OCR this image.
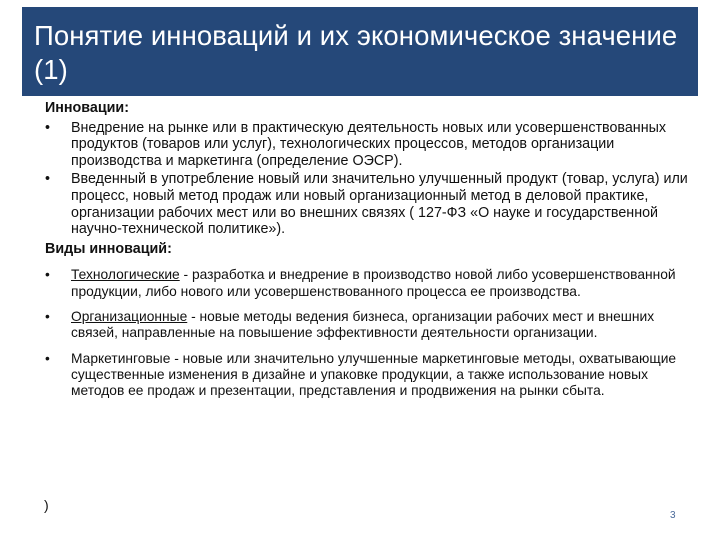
Понятие инноваций и их экономическое значение (1)
Инновации:
• Внедрение на рынке или в практическую деятельность новых или усовершенствованных продуктов (товаров или услуг), технологических процессов, методов организации производства и маркетинга (определение ОЭСР).
• Введенный в употребление новый или значительно улучшенный продукт (товар, услуга) или процесс, новый метод продаж или новый организационный метод в деловой практике, организации рабочих мест или во внешних связях ( 127-ФЗ «О науке и государственной научно-технической политике»).
Виды инноваций:
• Технологические - разработка и внедрение в производство новой либо усовершенствованной продукции, либо нового или усовершенствованного процесса ее производства.
• Организационные - новые методы ведения бизнеса, организации рабочих мест и внешних связей, направленные на повышение эффективности деятельности организации.
• Маркетинговые - новые или значительно улучшенные маркетинговые методы, охватывающие существенные изменения в дизайне и упаковке продукции, а также использование новых методов ее продаж и презентации, представления и продвижения на рынки сбыта.
)
3
